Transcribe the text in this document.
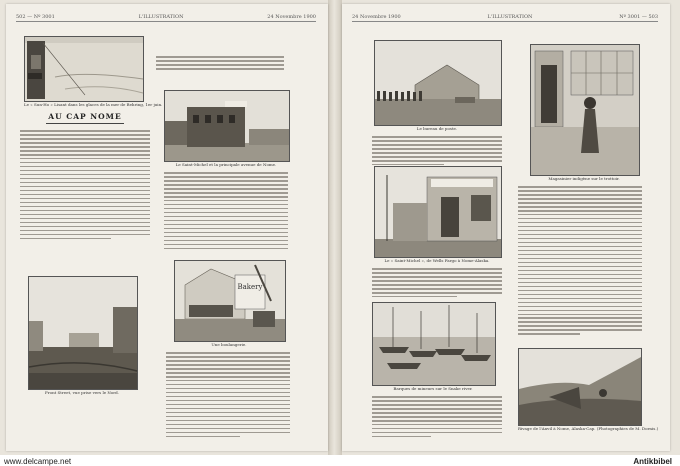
502 — Nº 3001	L'ILLUSTRATION	24 Novembre 1900
Le « Sun-Ho » Lisant dans les glaces de la mer de Behring, 1er juin.
Le Saint-Michel et la principale avenue de Nome.
AU CAP NOME
Front Street, vue prise vers le Nord.
Bakery
Une boulangerie.
24 Novembre 1900	L'ILLUSTRATION	Nº 3001 — 503
Le bureau de poste.
Magasinier indigène sur le trottoir.
Le « Saint-Michel », de Wells Fargo à Nome-Alaska.
Barques de mineurs sur le Snake river.
Rivage de l'Anvil à Nome, Alaska-Cap. (Photographies de M. Dornis.)
www.delcampe.net	Antikbibel
